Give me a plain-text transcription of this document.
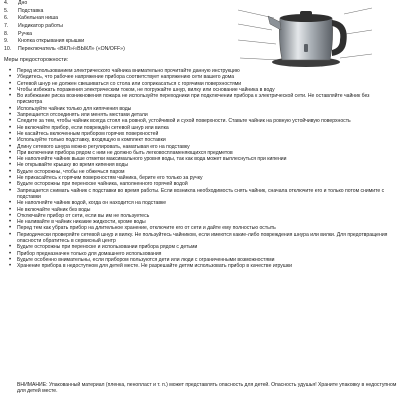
4. Дно
5. Подставка
6. Кабельная ниша
7. Индикатор работы
8. Ручка
9. Кнопка открывания крышки
10. Переключатель «ВКЛ»/«ВЫКЛ» («ON/OFF»)
Меры предосторожности:
• Перед использованием электрического чайника внимательно прочитайте данную инструкцию
• Убедитесь, что рабочее напряжение прибора соответствует напряжению сети вашего дома
• Сетевой шнур не должен свешиваться со стола или соприкасаться с горячими поверхностями
• Чтобы избежать поражения электрическим током, не погружайте шнур, вилку или основание чайника в воду
• Во избежание риска возникновения пожара не используйте переходники при подключении прибора к электрической сети. Не оставляйте чайник без присмотра
• Используйте чайник только для кипячения воды
• Запрещается отсоединять или менять местами детали
• Следите за тем, чтобы чайник всегда стоял на ровной, устойчивой и сухой поверхности. Ставьте чайник на ровную устойчивую поверхность
• Не включайте прибор, если повреждён сетевой шнур или вилка
• Не касайтесь включенным прибором горячих поверхностей
• Используйте только подставку, входящую в комплект поставки
• Длину сетевого шнура можно регулировать, наматывая его на подставку
• При включении прибора рядом с ним не должно быть легковоспламеняющихся предметов
• Не наполняйте чайник выше отметки максимального уровня воды, так как вода может выплеснуться при кипении
• Не открывайте крышку во время кипения воды
• Будьте осторожны, чтобы не обжечься паром
• Не прикасайтесь к горячим поверхностям чайника, берите его только за ручку
• Будьте осторожны при переноске чайника, наполненного горячей водой
• Запрещается снимать чайник с подставки во время работы. Если возникла необходимость снять чайник, сначала отключите его и только потом снимите с подставки
• Не наполняйте чайник водой, когда он находится на подставке
• Не включайте чайник без воды
• Отключайте прибор от сети, если вы им не пользуетесь
• Не наливайте в чайник никакие жидкости, кроме воды
• Перед тем как убрать прибор на длительное хранение, отключите его от сети и дайте ему полностью остыть
• Периодически проверяйте сетевой шнур и вилку. Не пользуйтесь чайником, если имеются какие-либо повреждения шнура или вилки. Для предотвращения опасности обратитесь в сервисный центр
• Будьте осторожны при переноске и использовании прибора рядом с детьми
• Прибор предназначен только для домашнего использования
• Будьте особенно внимательны, если прибором пользуются дети или люди с ограниченными возможностями
• Хранение прибора в недоступном для детей месте. Не разрешайте детям использовать прибор в качестве игрушки
ВНИМАНИЕ: Упакованный материал (пленка, пенопласт и т. п.) может представлять опасность для детей. Опасность удушья! Храните упаковку в недоступном для детей месте.
